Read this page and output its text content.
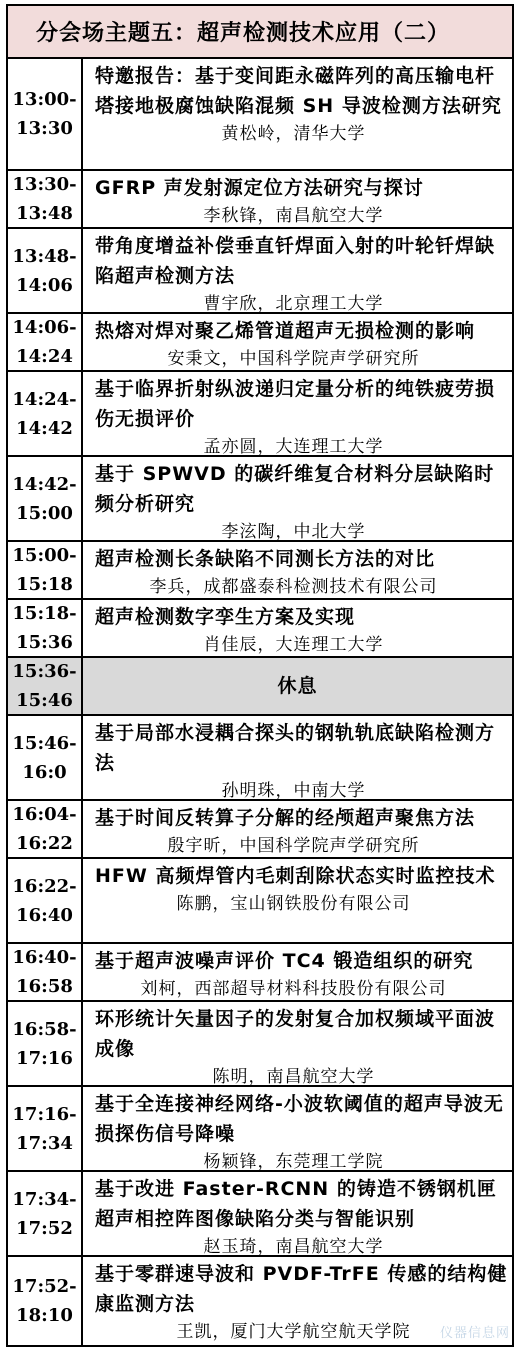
分会场主题五：超声检测技术应用（二）
13:00-
13:30
特邀报告：基于变间距永磁阵列的高压输电杆塔接地极腐蚀缺陷混频 SH 导波检测方法研究
黄松岭，清华大学
13:30-
13:48
GFRP 声发射源定位方法研究与探讨
李秋锋，南昌航空大学
13:48-
14:06
带角度增益补偿垂直钎焊面入射的叶轮钎焊缺陷超声检测方法
曹宇欣，北京理工大学
14:06-
14:24
热熔对焊对聚乙烯管道超声无损检测的影响
安秉文，中国科学院声学研究所
14:24-
14:42
基于临界折射纵波递归定量分析的纯铁疲劳损伤无损评价
孟亦圆，大连理工大学
14:42-
15:00
基于 SPWVD 的碳纤维复合材料分层缺陷时频分析研究
李泫陶，中北大学
15:00-
15:18
超声检测长条缺陷不同测长方法的对比
李兵，成都盛泰科检测技术有限公司
15:18-
15:36
超声检测数字孪生方案及实现
肖佳辰，大连理工大学
15:36-
15:46
休息
15:46-
16:0
基于局部水浸耦合探头的钢轨轨底缺陷检测方法
孙明珠，中南大学
16:04-
16:22
基于时间反转算子分解的经颅超声聚焦方法
殷宇昕，中国科学院声学研究所
16:22-
16:40
HFW 高频焊管内毛刺刮除状态实时监控技术
陈鹏，宝山钢铁股份有限公司
16:40-
16:58
基于超声波噪声评价 TC4 锻造组织的研究
刘柯，西部超导材料科技股份有限公司
16:58-
17:16
环形统计矢量因子的发射复合加权频域平面波成像
陈明，南昌航空大学
17:16-
17:34
基于全连接神经网络-小波软阈值的超声导波无损探伤信号降噪
杨颖锋，东莞理工学院
17:34-
17:52
基于改进 Faster-RCNN 的铸造不锈钢机匣超声相控阵图像缺陷分类与智能识别
赵玉琦，南昌航空大学
17:52-
18:10
基于零群速导波和 PVDF-TrFE 传感的结构健康监测方法
王凯，厦门大学航空航天学院	仪器信息网
